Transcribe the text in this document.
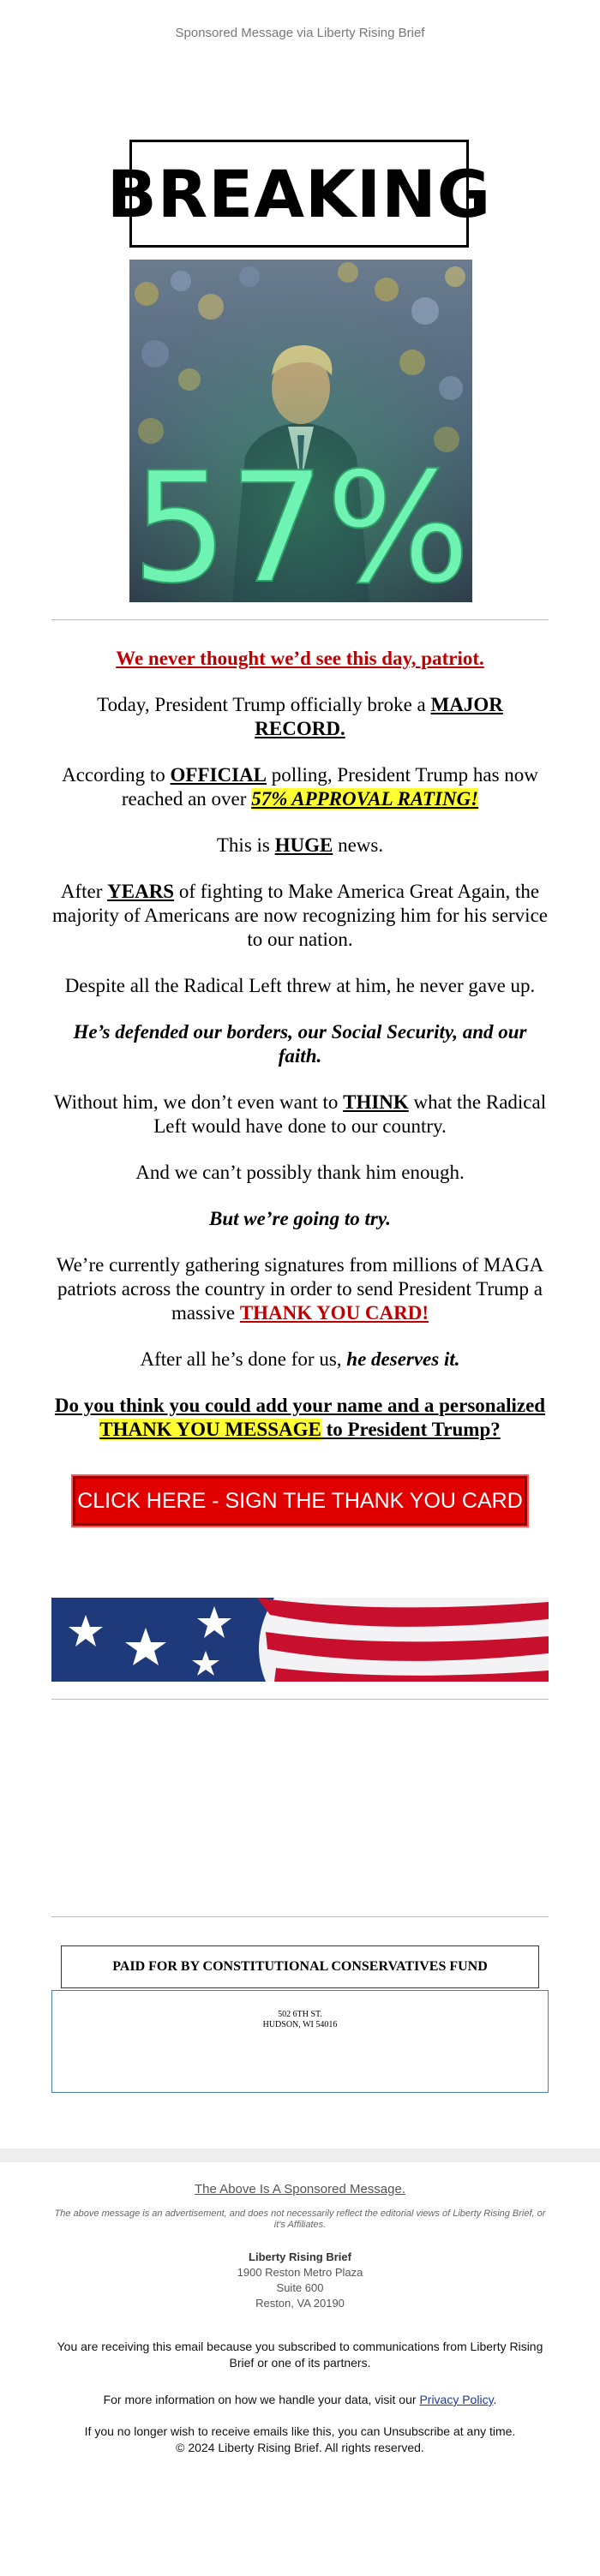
Sponsored Message via Liberty Rising Brief
BREAKING
57%

We never thought we’d see this day, patriot.

Today, President Trump officially broke a MAJOR RECORD.

According to OFFICIAL polling, President Trump has now reached an over 57% APPROVAL RATING!

This is HUGE news.

After YEARS of fighting to Make America Great Again, the majority of Americans are now recognizing him for his service to our nation.

Despite all the Radical Left threw at him, he never gave up.

He’s defended our borders, our Social Security, and our faith.

Without him, we don’t even want to THINK what the Radical Left would have done to our country.

And we can’t possibly thank him enough.

But we’re going to try.

We’re currently gathering signatures from millions of MAGA patriots across the country in order to send President Trump a massive THANK YOU CARD!

After all he’s done for us, he deserves it.

Do you think you could add your name and a personalized THANK YOU MESSAGE to President Trump?

CLICK HERE - SIGN THE THANK YOU CARD
PAID FOR BY CONSTITUTIONAL CONSERVATIVES FUND
502 6TH ST.
HUDSON, WI 54016
The Above Is A Sponsored Message.
The above message is an advertisement, and does not necessarily reflect the editorial views of Liberty Rising Brief, or it's Affiliates.
Liberty Rising Brief
1900 Reston Metro Plaza
Suite 600
Reston, VA 20190
You are receiving this email because you subscribed to communications from Liberty Rising Brief or one of its partners.
For more information on how we handle your data, visit our Privacy Policy.
If you no longer wish to receive emails like this, you can Unsubscribe at any time.
© 2024 Liberty Rising Brief. All rights reserved.
